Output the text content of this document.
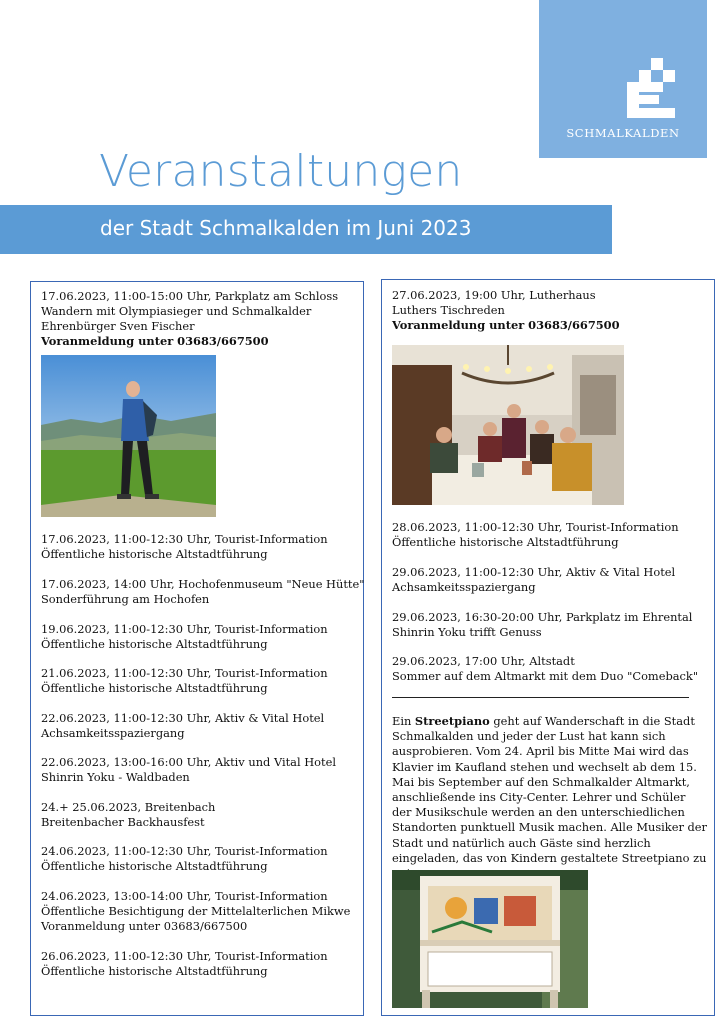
SCHMALKALDEN
Veranstaltungen
der Stadt Schmalkalden im Juni 2023
17.06.2023, 11:00-15:00 Uhr, Parkplatz am Schloss
Wandern mit Olympiasieger und Schmalkalder
Ehrenbürger Sven Fischer
Voranmeldung unter 03683/667500
17.06.2023, 11:00-12:30 Uhr, Tourist-Information
Öffentliche historische Altstadtführung
17.06.2023, 14:00 Uhr, Hochofenmuseum "Neue Hütte"
Sonderführung am Hochofen
19.06.2023, 11:00-12:30 Uhr, Tourist-Information
Öffentliche historische Altstadtführung
21.06.2023, 11:00-12:30 Uhr, Tourist-Information
Öffentliche historische Altstadtführung
22.06.2023, 11:00-12:30 Uhr, Aktiv & Vital Hotel
Achsamkeitsspaziergang
22.06.2023, 13:00-16:00 Uhr, Aktiv und Vital Hotel
Shinrin Yoku - Waldbaden
24.+ 25.06.2023, Breitenbach
Breitenbacher Backhausfest
24.06.2023, 11:00-12:30 Uhr, Tourist-Information
Öffentliche historische Altstadtführung
24.06.2023, 13:00-14:00 Uhr, Tourist-Information
Öffentliche Besichtigung der Mittelalterlichen Mikwe
Voranmeldung unter 03683/667500
26.06.2023, 11:00-12:30 Uhr, Tourist-Information
Öffentliche historische Altstadtführung
27.06.2023, 19:00 Uhr, Lutherhaus
Luthers Tischreden
Voranmeldung unter 03683/667500
28.06.2023, 11:00-12:30 Uhr, Tourist-Information
Öffentliche historische Altstadtführung
29.06.2023, 11:00-12:30 Uhr, Aktiv & Vital Hotel
Achsamkeitsspaziergang
29.06.2023, 16:30-20:00 Uhr, Parkplatz im Ehrental
Shinrin Yoku trifft Genuss
29.06.2023, 17:00 Uhr, Altstadt
Sommer auf dem Altmarkt mit dem Duo "Comeback"
Ein Streetpiano geht auf Wanderschaft in die Stadt Schmalkalden und jeder der Lust hat kann sich ausprobieren. Vom 24. April bis Mitte Mai wird das Klavier im Kaufland stehen und wechselt ab dem 15. Mai bis September auf den Schmalkalder Altmarkt, anschließende ins City-Center. Lehrer und Schüler der Musikschule werden an den unterschiedlichen Standorten punktuell Musik machen. Alle Musiker der Stadt und natürlich auch Gäste sind herzlich eingeladen, das von Kindern gestaltete Streetpiano zu
